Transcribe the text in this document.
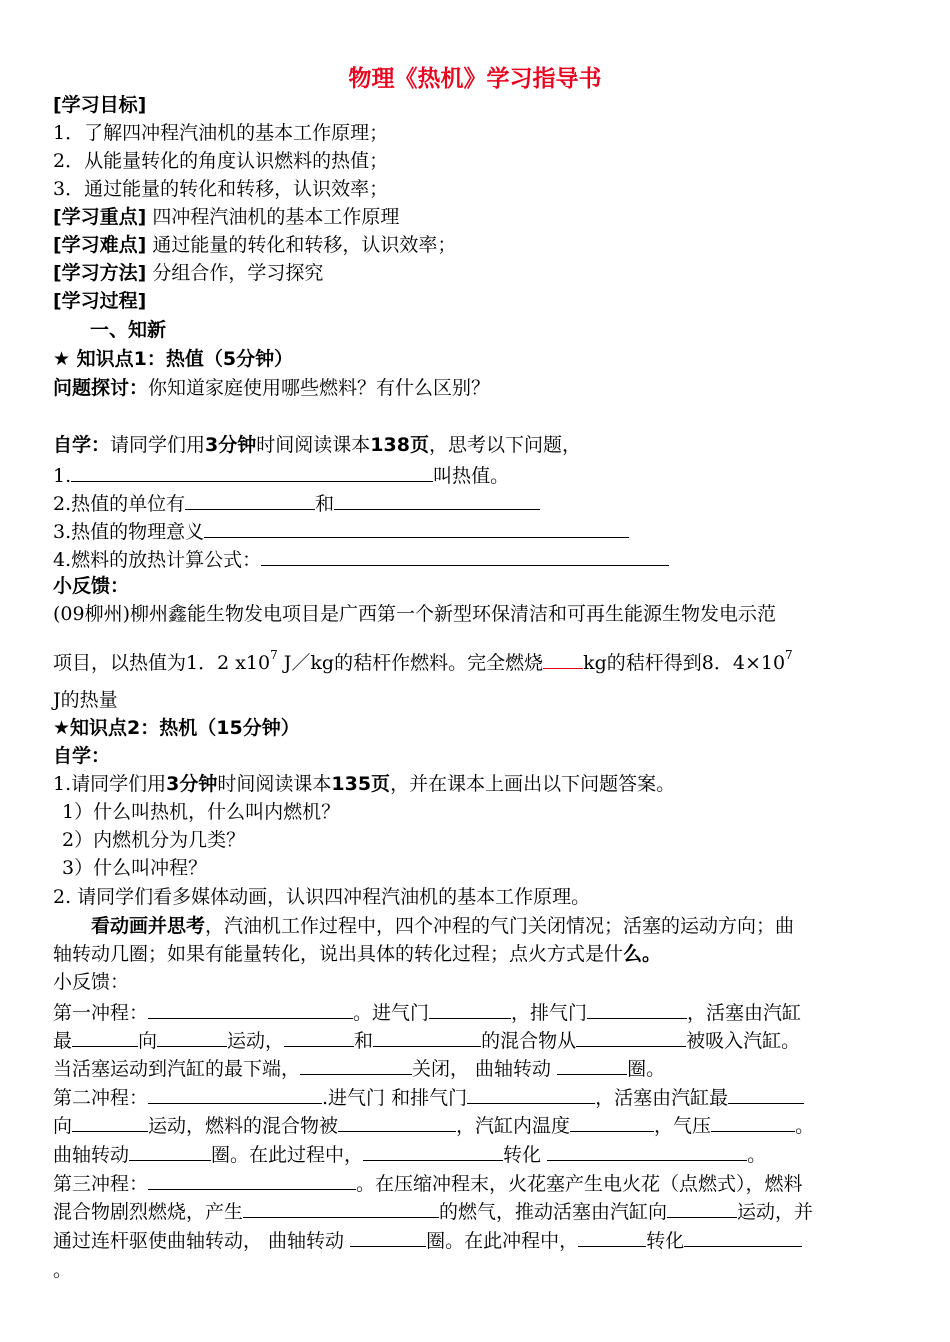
物理《热机》学习指导书
[学习目标]
1．了解四冲程汽油机的基本工作原理；
2．从能量转化的角度认识燃料的热值；
3．通过能量的转化和转移，认识效率；
[学习重点] 四冲程汽油机的基本工作原理
[学习难点] 通过能量的转化和转移，认识效率；
[学习方法] 分组合作，学习探究
[学习过程]
一、知新
★ 知识点1：热值（5分钟）
问题探讨：你知道家庭使用哪些燃料？有什么区别？
自学：请同学们用3分钟时间阅读课本138页，思考以下问题，
1.	叫热值。
2.热值的单位有	和
3.热值的物理意义
4.燃料的放热计算公式：
小反馈：
(09柳州)柳州鑫能生物发电项目是广西第一个新型环保清洁和可再生能源生物发电示范
项目，以热值为1．2 $x10^7$ J／kg的秸杆作燃料。完全燃烧 kg的秸杆得到8．$4\times 10^7$
J的热量
★知识点2：热机（15分钟）
自学：
1.请同学们用3分钟时间阅读课本135页，并在课本上画出以下问题答案。
1）什么叫热机，什么叫内燃机？
2）内燃机分为几类？
3）什么叫冲程？
2. 请同学们看多媒体动画，认识四冲程汽油机的基本工作原理。
看动画并思考，汽油机工作过程中，四个冲程的气门关闭情况；活塞的运动方向；曲
轴转动几圈；如果有能量转化，说出具体的转化过程；点火方式是什么。
小反馈：
第一冲程：	。进气门	，排气门	，活塞由汽缸
最	向	运动，	和	的混合物从	被吸入汽缸。
当活塞运动到汽缸的最下端，	关闭， 曲轴转动	圈。
第二冲程：	.进气门 和排气门	，活塞由汽缸最
向	运动，燃料的混合物被	，汽缸内温度	，气压	。
曲轴转动	圈。在此过程中，	转化	。
第三冲程：	。在压缩冲程末，火花塞产生电火花（点燃式），燃料
混合物剧烈燃烧，产生	的燃气，推动活塞由汽缸向	运动，并
通过连杆驱使曲轴转动， 曲轴转动	圈。在此冲程中，	转化
。
